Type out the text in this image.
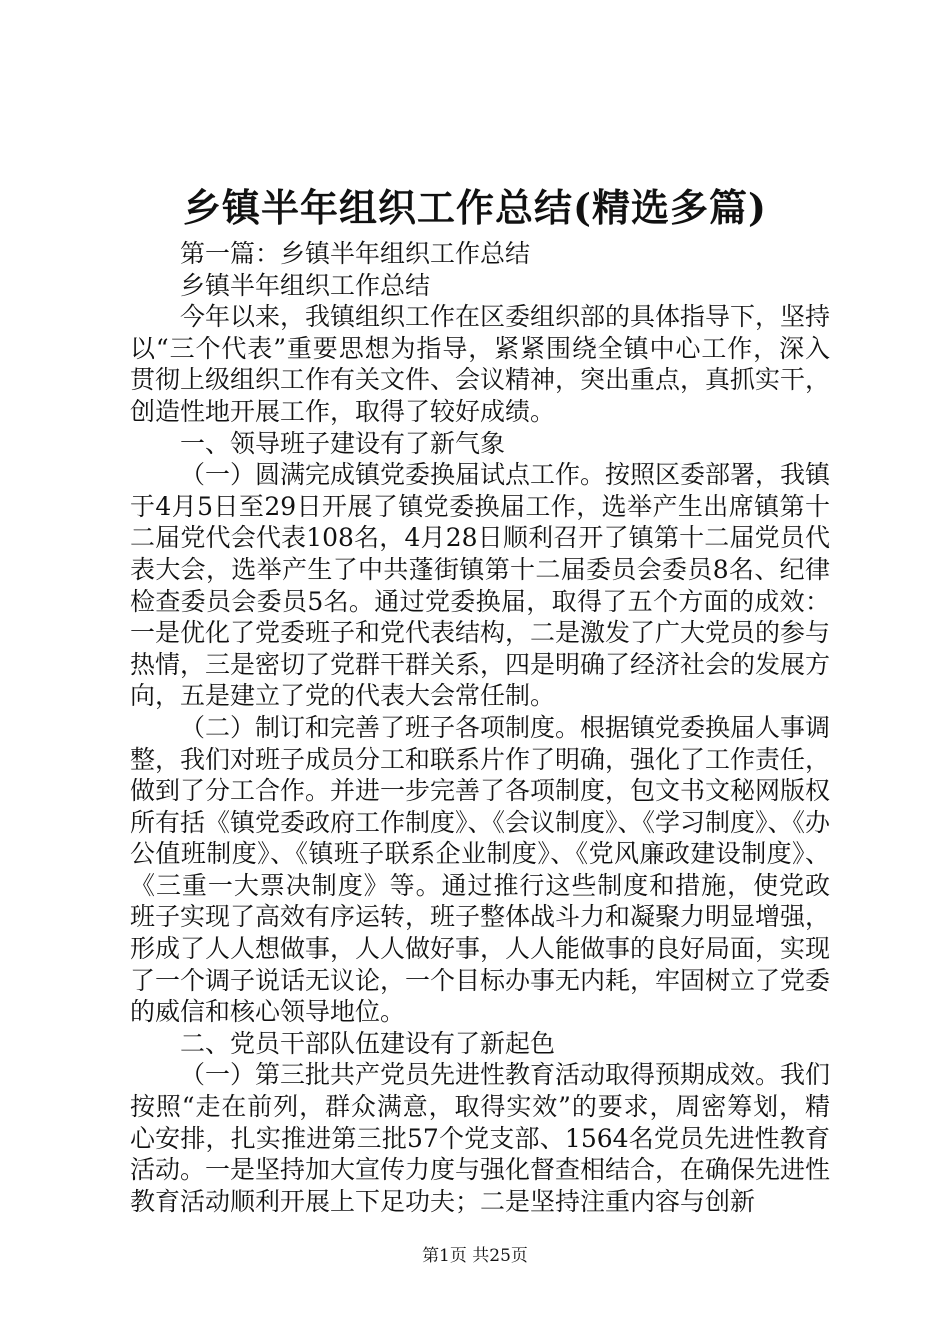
乡镇半年组织工作总结(精选多篇)

第一篇：乡镇半年组织工作总结

乡镇半年组织工作总结

今年以来，我镇组织工作在区委组织部的具体指导下，坚持以“三个代表”重要思想为指导，紧紧围绕全镇中心工作，深入贯彻上级组织工作有关文件、会议精神，突出重点，真抓实干，创造性地开展工作，取得了较好成绩。

一、领导班子建设有了新气象

（一）圆满完成镇党委换届试点工作。按照区委部署，我镇于4月5日至29日开展了镇党委换届工作，选举产生出席镇第十二届党代会代表108名，4月28日顺利召开了镇第十二届党员代表大会，选举产生了中共蓬街镇第十二届委员会委员8名、纪律检查委员会委员5名。通过党委换届，取得了五个方面的成效：一是优化了党委班子和党代表结构，二是激发了广大党员的参与热情，三是密切了党群干群关系，四是明确了经济社会的发展方向，五是建立了党的代表大会常任制。

（二）制订和完善了班子各项制度。根据镇党委换届人事调整，我们对班子成员分工和联系片作了明确，强化了工作责任，做到了分工合作。并进一步完善了各项制度，包文书文秘网版权所有括《镇党委政府工作制度》、《会议制度》、《学习制度》、《办公值班制度》、《镇班子联系企业制度》、《党风廉政建设制度》、《三重一大票决制度》等。通过推行这些制度和措施，使党政班子实现了高效有序运转，班子整体战斗力和凝聚力明显增强，形成了人人想做事，人人做好事，人人能做事的良好局面，实现了一个调子说话无议论，一个目标办事无内耗，牢固树立了党委的威信和核心领导地位。

二、党员干部队伍建设有了新起色

（一）第三批共产党员先进性教育活动取得预期成效。我们按照“走在前列，群众满意，取得实效”的要求，周密筹划，精心安排，扎实推进第三批57个党支部、1564名党员先进性教育活动。一是坚持加大宣传力度与强化督查相结合，在确保先进性教育活动顺利开展上下足功夫；二是坚持注重内容与创新

第1页 共25页
